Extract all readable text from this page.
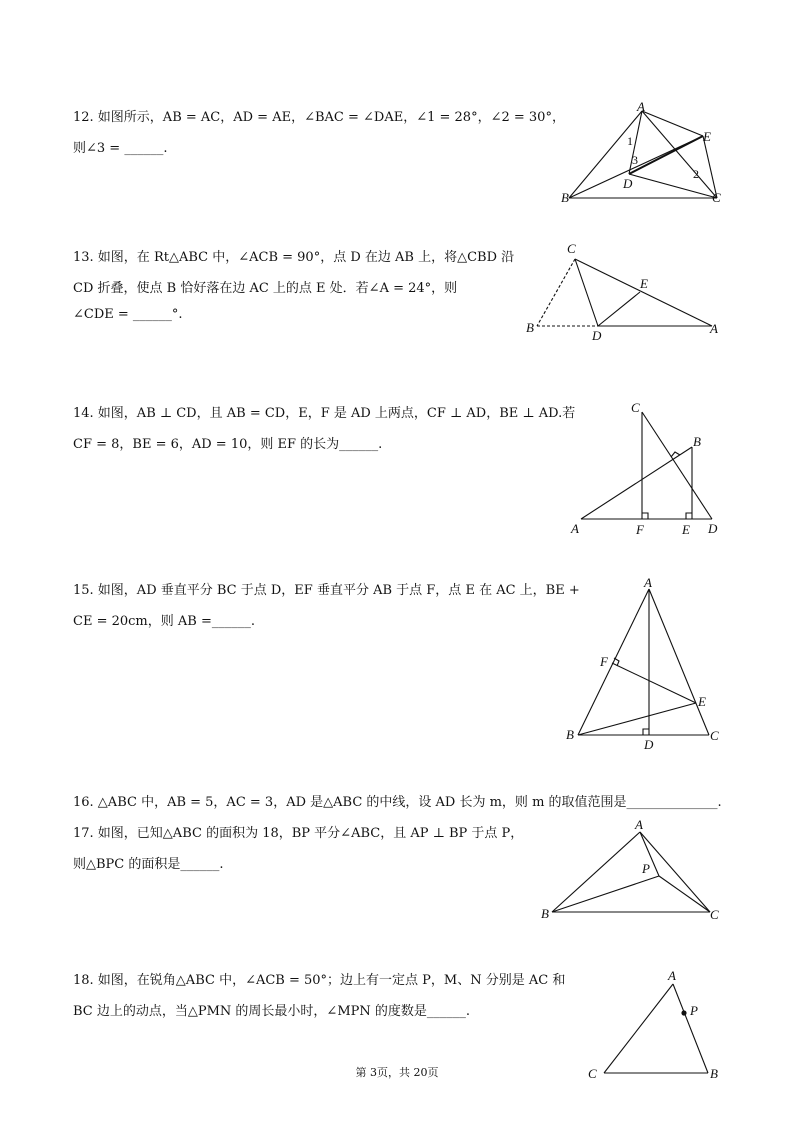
12. 如图所示，AB = AC，AD = AE，∠BAC = ∠DAE，∠1 = 28°，∠2 = 30°，
则∠3 = ______.
A
B	C
D
E
1
2
3
13. 如图，在 Rt△ABC 中，∠ACB = 90°，点 D 在边 AB 上，将△CBD 沿
CD 折叠，使点 B 恰好落在边 AC 上的点 E 处．若∠A = 24°，则
∠CDE = ______°.
C
B
D
E
A
14. 如图，AB ⊥ CD，且 AB = CD，E，F 是 AD 上两点，CF ⊥ AD，BE ⊥ AD.若
CF = 8，BE = 6，AD = 10，则 EF 的长为______.
C
B
A	F	E D
15. 如图，AD 垂直平分 BC 于点 D，EF 垂直平分 AB 于点 F，点 E 在 AC 上，BE +
CE = 20cm，则 AB =______.
A
F
E
B
D
C
16. △ABC 中，AB = 5，AC = 3，AD 是△ABC 的中线，设 AD 长为 m，则 m 的取值范围是______________.
17. 如图，已知△ABC 的面积为 18，BP 平分∠ABC，且 AP ⊥ BP 于点 P，
则△BPC 的面积是______.
A
P
B	C
18. 如图，在锐角△ABC 中，∠ACB = 50°；边上有一定点 P，M、N 分别是 AC 和
BC 边上的动点，当△PMN 的周长最小时，∠MPN 的度数是______.
A
P
C	B
第 3页，共 20页
